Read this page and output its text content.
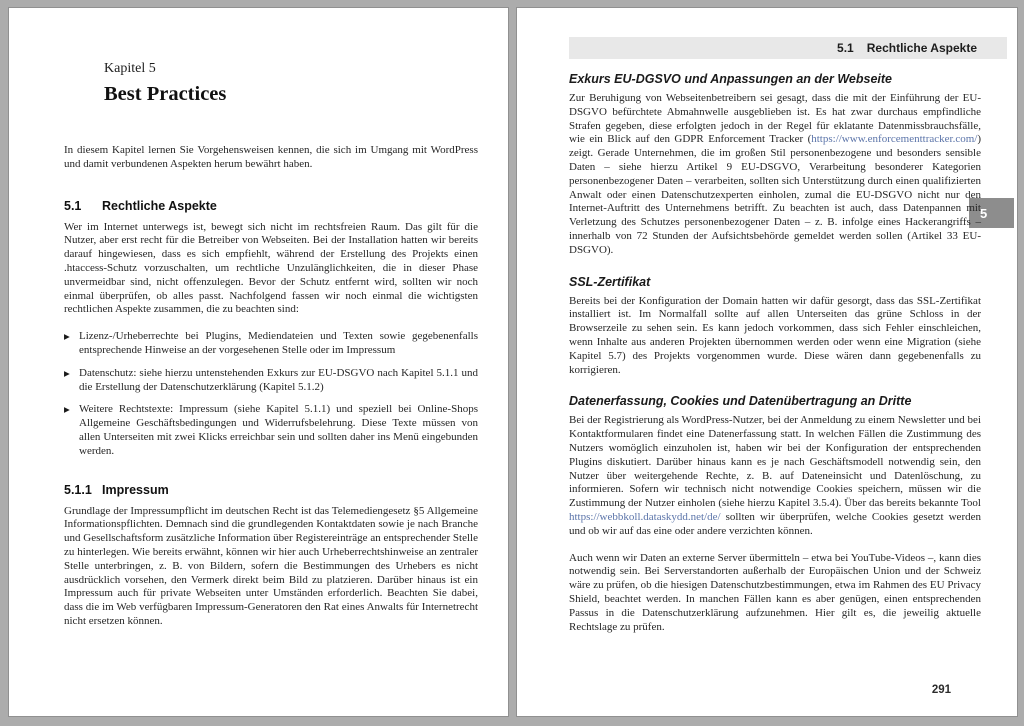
Kapitel 5
Best Practices

In diesem Kapitel lernen Sie Vorgehensweisen kennen, die sich im Umgang mit WordPress und damit verbundenen Aspekten herum bewährt haben.

5.1 Rechtliche Aspekte

Wer im Internet unterwegs ist, bewegt sich nicht im rechtsfreien Raum. Das gilt für die Nutzer, aber erst recht für die Betreiber von Webseiten. Bei der Installation hatten wir bereits darauf hingewiesen, dass es sich empfiehlt, während der Erstellung des Projekts einen .htaccess-Schutz vorzuschalten, um rechtliche Unzulänglichkeiten, die in dieser Phase unvermeidbar sind, nicht offenzulegen. Bevor der Schutz entfernt wird, sollten wir noch einmal überprüfen, ob alles passt. Nachfolgend fassen wir noch einmal die wichtigsten rechtlichen Aspekte zusammen, die zu beachten sind:

▶ Lizenz-/Urheberrechte bei Plugins, Mediendateien und Texten sowie gegebenenfalls entsprechende Hinweise an der vorgesehenen Stelle oder im Impressum
▶ Datenschutz: siehe hierzu untenstehenden Exkurs zur EU-DSGVO nach Kapitel 5.1.1 und die Erstellung der Datenschutzerklärung (Kapitel 5.1.2)
▶ Weitere Rechtstexte: Impressum (siehe Kapitel 5.1.1) und speziell bei Online-Shops Allgemeine Geschäftsbedingungen und Widerrufsbelehrung. Diese Texte müssen von allen Unterseiten mit zwei Klicks erreichbar sein und sollten daher ins Menü eingebunden werden.
5.1.1 Impressum

Grundlage der Impressumpflicht im deutschen Recht ist das Telemediengesetz §5 Allgemeine Informationspflichten. Demnach sind die grundlegenden Kontaktdaten sowie je nach Branche und Gesellschaftsform zusätzliche Information über Registereinträge an entsprechender Stelle zu hinterlegen. Wie bereits erwähnt, können wir hier auch Urheberrechtshinweise an zentraler Stelle unterbringen, z. B. von Bildern, sofern die Bestimmungen des Urhebers es nicht ausdrücklich vorsehen, den Vermerk direkt beim Bild zu platzieren. Darüber hinaus ist ein Impressum auch für private Webseiten unter Umständen erforderlich. Beachten Sie dabei, dass die im Web verfügbaren Impressum-Generatoren den Rat eines Anwalts für Internetrecht nicht ersetzen können.

5.1 Rechtliche Aspekte
5
Exkurs EU-DGSVO und Anpassungen an der Webseite

Zur Beruhigung von Webseitenbetreibern sei gesagt, dass die mit der Einführung der EU-DSGVO befürchtete Abmahnwelle ausgeblieben ist. Es hat zwar durchaus empfindliche Strafen gegeben, diese erfolgten jedoch in der Regel für eklatante Datenmissbrauchsfälle, wie ein Blick auf den GDPR Enforcement Tracker (https://www.enforcementtracker.com/) zeigt. Gerade Unternehmen, die im großen Stil personenbezogene und besonders sensible Daten – siehe hierzu Artikel 9 EU-DSGVO, Verarbeitung besonderer Kategorien personenbezogener Daten – verarbeiten, sollten sich Unterstützung durch einen qualifizierten Anwalt oder einen Datenschutzexperten einholen, zumal die EU-DSGVO nicht nur den Internet-Auftritt des Unternehmens betrifft. Zu beachten ist auch, dass Datenpannen mit Verletzung des Schutzes personenbezogener Daten – z. B. infolge eines Hackerangriffs – innerhalb von 72 Stunden der Aufsichtsbehörde gemeldet werden sollen (Artikel 33 EU-DSGVO).

SSL-Zertifikat

Bereits bei der Konfiguration der Domain hatten wir dafür gesorgt, dass das SSL-Zertifikat installiert ist. Im Normalfall sollte auf allen Unterseiten das grüne Schloss in der Browserzeile zu sehen sein. Es kann jedoch vorkommen, dass sich Fehler einschleichen, wenn Inhalte aus anderen Projekten übernommen werden oder wenn eine Migration (siehe Kapitel 5.7) des Projekts vorgenommen wurde. Diese wären dann gegebenenfalls zu korrigieren.

Datenerfassung, Cookies und Datenübertragung an Dritte

Bei der Registrierung als WordPress-Nutzer, bei der Anmeldung zu einem Newsletter und bei Kontaktformularen findet eine Datenerfassung statt. In welchen Fällen die Zustimmung des Nutzers womöglich einzuholen ist, haben wir bei der Konfiguration der entsprechenden Plugins diskutiert. Darüber hinaus kann es je nach Geschäftsmodell notwendig sein, den Nutzer über weitergehende Rechte, z. B. auf Dateneinsicht und Datenlöschung, zu informieren. Sofern wir technisch nicht notwendige Cookies speichern, müssen wir die Zustimmung der Nutzer einholen (siehe hierzu Kapitel 3.5.4). Über das bereits bekannte Tool https://webbkoll.dataskydd.net/de/ sollten wir überprüfen, welche Cookies gesetzt werden und ob wir auf das eine oder andere verzichten können.

Auch wenn wir Daten an externe Server übermitteln – etwa bei YouTube-Videos –, kann dies notwendig sein. Bei Serverstandorten außerhalb der Europäischen Union und der Schweiz wäre zu prüfen, ob die hiesigen Datenschutzbestimmungen, etwa im Rahmen des EU Privacy Shield, beachtet werden. In manchen Fällen kann es aber genügen, einen entsprechenden Passus in die Datenschutzerklärung aufzunehmen. Hier gilt es, die jeweilig aktuelle Rechtslage zu prüfen.

291
